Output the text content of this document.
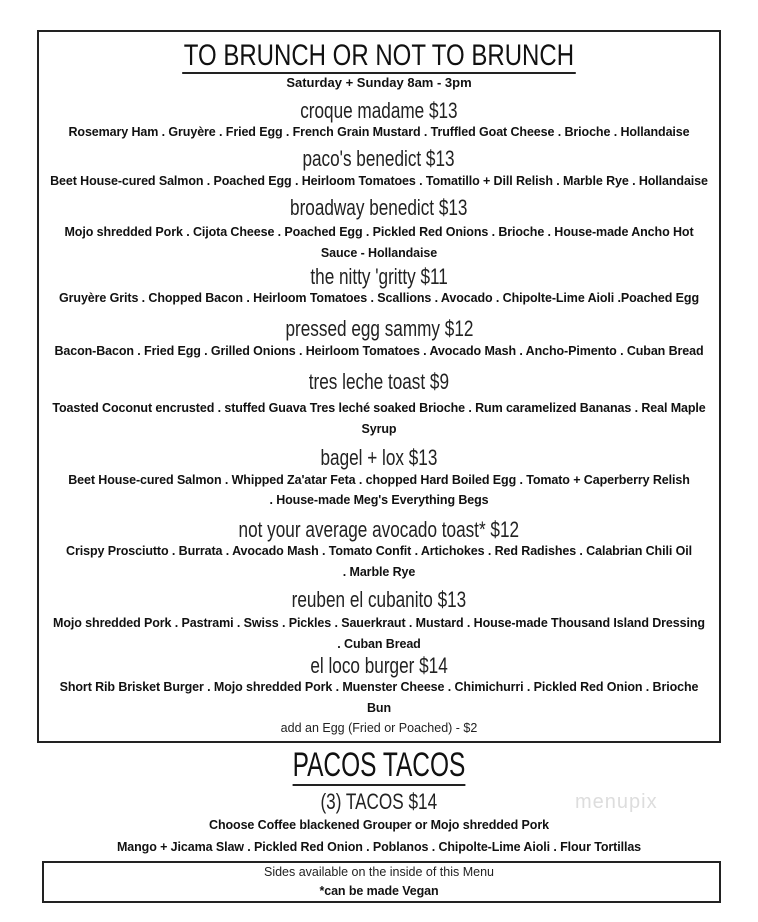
TO BRUNCH OR NOT TO BRUNCH
Saturday + Sunday 8am - 3pm
croque madame $13
Rosemary Ham . Gruyère . Fried Egg . French Grain Mustard . Truffled Goat Cheese . Brioche . Hollandaise
paco's benedict $13
Beet House-cured Salmon . Poached Egg . Heirloom Tomatoes . Tomatillo + Dill Relish . Marble Rye . Hollandaise
broadway benedict $13
Mojo shredded Pork . Cijota Cheese . Poached Egg . Pickled Red Onions . Brioche . House-made Ancho Hot
Sauce - Hollandaise
the nitty 'gritty $11
Gruyère Grits . Chopped Bacon . Heirloom Tomatoes . Scallions . Avocado . Chipolte-Lime Aioli .Poached Egg
pressed egg sammy $12
Bacon-Bacon . Fried Egg . Grilled Onions . Heirloom Tomatoes . Avocado Mash . Ancho-Pimento . Cuban Bread
tres leche toast $9
Toasted Coconut encrusted . stuffed Guava Tres leché soaked Brioche . Rum caramelized Bananas . Real Maple
Syrup
bagel + lox $13
Beet House-cured Salmon . Whipped Za'atar Feta . chopped Hard Boiled Egg . Tomato + Caperberry Relish
. House-made Meg's Everything Begs
not your average avocado toast* $12
Crispy Prosciutto . Burrata . Avocado Mash . Tomato Confit . Artichokes . Red Radishes . Calabrian Chili Oil
. Marble Rye
reuben el cubanito $13
Mojo shredded Pork . Pastrami . Swiss . Pickles . Sauerkraut . Mustard . House-made Thousand Island Dressing
. Cuban Bread
el loco burger $14
Short Rib Brisket Burger . Mojo shredded Pork . Muenster Cheese . Chimichurri . Pickled Red Onion . Brioche
Bun
add an Egg (Fried or Poached) - $2
PACOS TACOS
(3) TACOS $14
Choose Coffee blackened Grouper or Mojo shredded Pork
Mango + Jicama Slaw . Pickled Red Onion . Poblanos . Chipolte-Lime Aioli . Flour Tortillas
menupix
Sides available on the inside of this Menu
*can be made Vegan
